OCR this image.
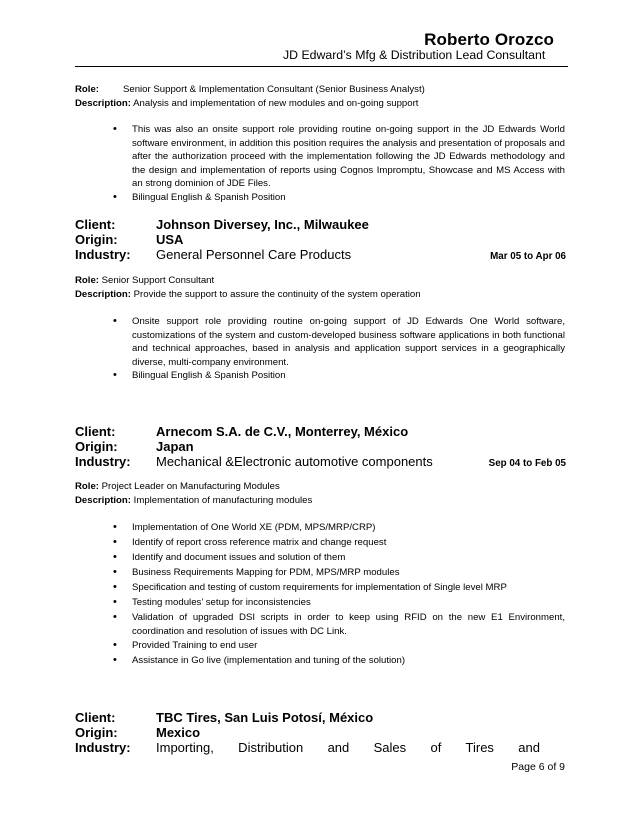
Roberto Orozco
JD Edward’s Mfg & Distribution Lead Consultant
Role:	Senior Support & Implementation Consultant (Senior Business Analyst)
Description: Analysis and implementation of new modules and on-going support
• This was also an onsite support role providing routine on-going support in the JD Edwards World software environment, in addition this position requires the analysis and presentation of proposals and after the authorization proceed with the implementation following the JD Edwards methodology and the design and implementation of reports using Cognos Impromptu, Showcase and MS Access with an strong dominion of JDE Files.
• Bilingual English & Spanish Position
Client:	Johnson Diversey, Inc., Milwaukee
Origin:	USA
Industry: General Personnel Care Products	Mar 05 to Apr 06
Role: Senior Support Consultant
Description: Provide the support to assure the continuity of the system operation
• Onsite support role providing routine on-going support of JD Edwards One World software, customizations of the system and custom-developed business software applications in both functional and technical approaches, based in analysis and application support services in a geographically diverse, multi-company environment.
• Bilingual English & Spanish Position
Client:	Arnecom S.A. de C.V., Monterrey, México
Origin:	Japan
Industry: Mechanical &Electronic automotive components	Sep 04 to Feb 05
Role: Project Leader on Manufacturing Modules
Description: Implementation of manufacturing modules
• Implementation of One World XE (PDM, MPS/MRP/CRP)
• Identify of report cross reference matrix and change request
• Identify and document issues and solution of them
• Business Requirements Mapping for PDM, MPS/MRP modules
• Specification and testing of custom requirements for implementation of Single level MRP
• Testing modules’ setup for inconsistencies
• Validation of upgraded DSI scripts in order to keep using RFID on the new E1 Environment, coordination and resolution of issues with DC Link.
• Provided Training to end user
• Assistance in Go live (implementation and tuning of the solution)
Client:	TBC Tires, San Luis Potosí, México
Origin:	Mexico
Industry: Importing, Distribution and Sales of Tires and
Page 6 of 9
